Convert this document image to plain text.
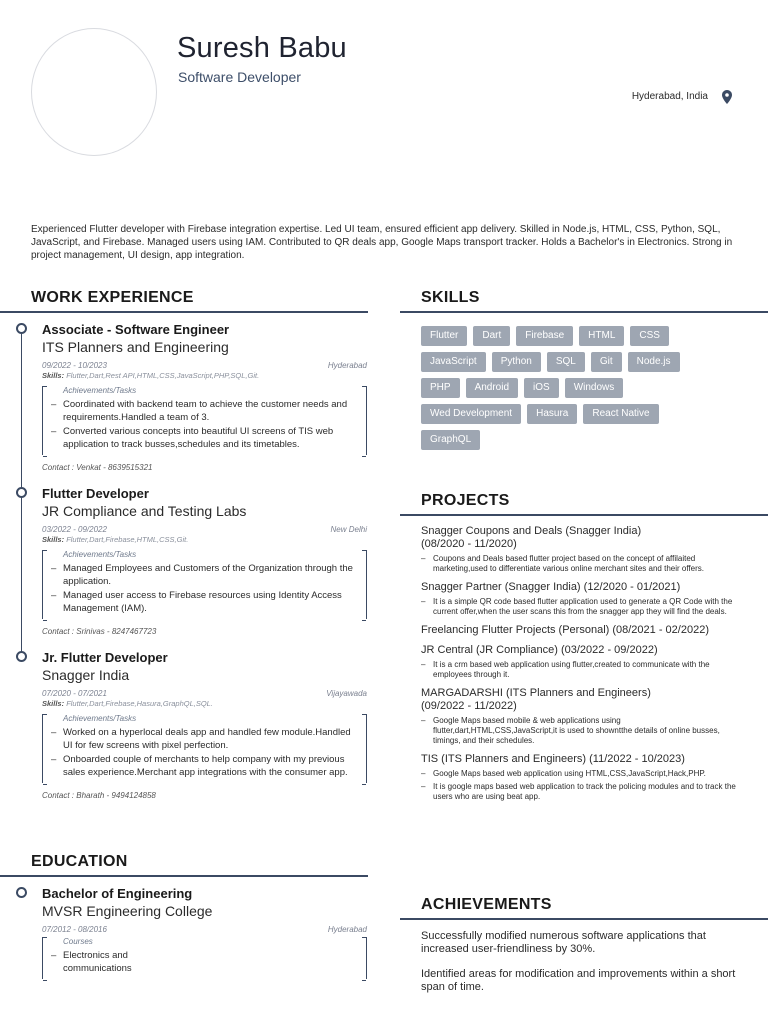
Suresh Babu
Software Developer
Hyderabad, India
Experienced Flutter developer with Firebase integration expertise. Led UI team, ensured efficient app delivery. Skilled in Node.js, HTML, CSS, Python, SQL, JavaScript, and Firebase. Managed users using IAM. Contributed to QR deals app, Google Maps transport tracker. Holds a Bachelor's in Electronics. Strong in project management, UI design, app integration.
WORK EXPERIENCE
Associate - Software Engineer
ITS Planners and Engineering
09/2022 - 10/2023	Hyderabad
Skills: Flutter,Dart,Rest API,HTML,CSS,JavaScript,PHP,SQL,Git.
Achievements/Tasks
– Coordinated with backend team to achieve the customer needs and requirements.Handled a team of 3.
– Converted various concepts into beautiful UI screens of TIS web application to track busses,schedules and its timetables.
Contact : Venkat - 8639515321
Flutter Developer
JR Compliance and Testing Labs
03/2022 - 09/2022	New Delhi
Skills: Flutter,Dart,Firebase,HTML,CSS,Git.
Achievements/Tasks
– Managed Employees and Customers of the Organization through the application.
– Managed user access to Firebase resources using Identity Access Management (IAM).
Contact : Srinivas - 8247467723
Jr. Flutter Developer
Snagger India
07/2020 - 07/2021	Vijayawada
Skills: Flutter,Dart,Firebase,Hasura,GraphQL,SQL.
Achievements/Tasks
– Worked on a hyperlocal deals app and handled few module.Handled UI for few screens with pixel perfection.
– Onboarded couple of merchants to help company with my previous sales experience.Merchant app integrations with the consumer app.
Contact : Bharath - 9494124858
EDUCATION
Bachelor of Engineering
MVSR Engineering College
07/2012 - 08/2016	Hyderabad
Courses
– Electronics and communications
SKILLS
Flutter	Dart	Firebase	HTML	CSS
JavaScript	Python	SQL	Git	Node.js
PHP	Android	iOS	Windows
Wed Development	Hasura	React Native
GraphQL
PROJECTS
Snagger Coupons and Deals (Snagger India)
(08/2020 - 11/2020)
– Coupons and Deals based flutter project based on the concept of affilaited marketing,used to differentiate various online merchant sites and their offers.
Snagger Partner (Snagger India) (12/2020 - 01/2021)
– It is a simple QR code based flutter application used to generate a QR Code with the current offer,when the user scans this from the snagger app they will find the deals.
Freelancing Flutter Projects (Personal) (08/2021 - 02/2022)
JR Central (JR Compliance) (03/2022 - 09/2022)
– It is a crm based web application using flutter,created to communicate with the employees through it.
MARGADARSHI (ITS Planners and Engineers)
(09/2022 - 11/2022)
– Google Maps based mobile & web applications using flutter,dart,HTML,CSS,JavaScript,it is used to showntthe details of online busses, timings, and their schedules.
TIS (ITS Planners and Engineers) (11/2022 - 10/2023)
– Google Maps based web application using HTML,CSS,JavaScript,Hack,PHP.
– It is google maps based web application to track the policing modules and to track the users who are using beat app.
ACHIEVEMENTS
Successfully modified numerous software applications that increased user-friendliness by 30%.
Identified areas for modification and improvements within a short span of time.
